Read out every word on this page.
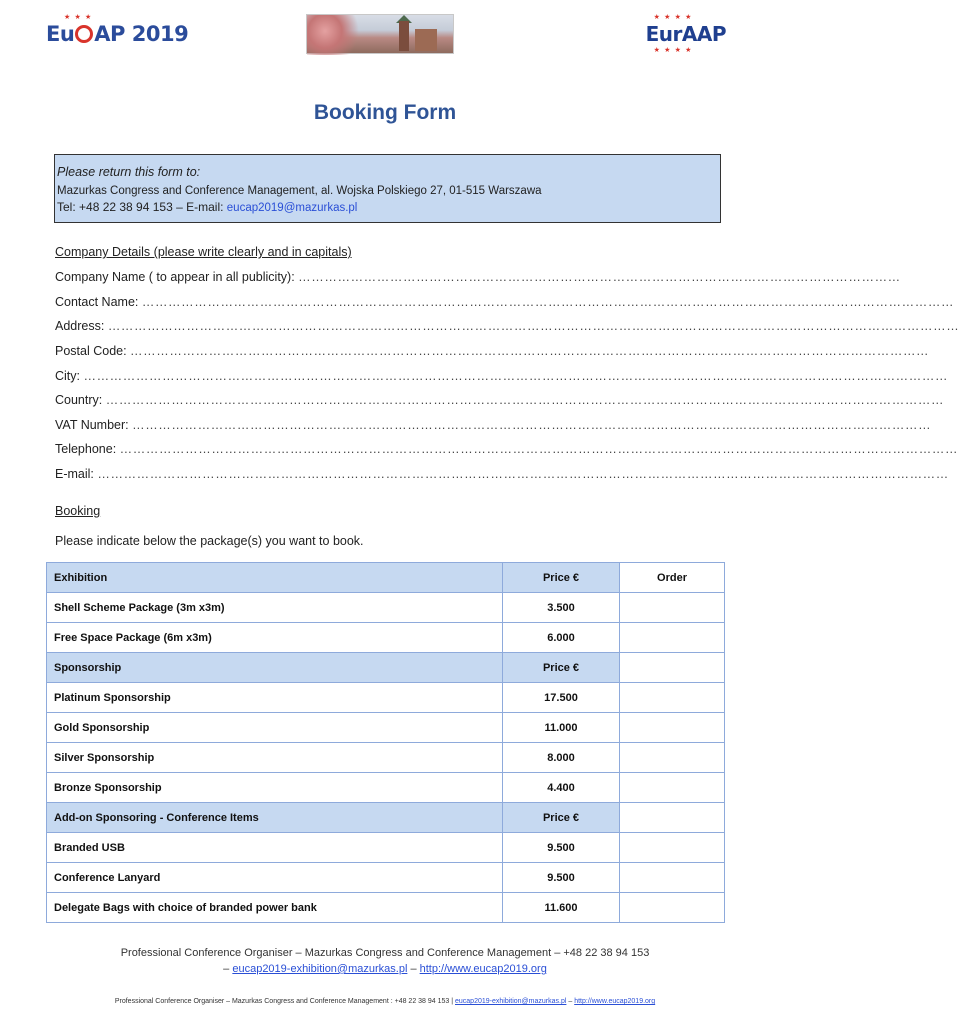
★ ★ ★
Eu AP 2019
★ ★ ★ ★
EurAAP
★ ★ ★ ★
Booking Form
Please return this form to:
Mazurkas Congress and Conference Management, al. Wojska Polskiego 27, 01-515 Warszawa
Tel: +48 22 38 94 153 – E-mail: eucap2019@mazurkas.pl
Company Details (please write clearly and in capitals)
Company Name ( to appear in all publicity): …………………………………………………………………………………………………………………………
Contact Name: ……………………………………………………………………………………………………………………………………………………………………
Address: ……………………………………………………………………………………………………………………………………………………………………………
Postal Code: …………………………………………………………………………………………………………………………………………………………………
City: ………………………………………………………………………………………………………………………………………………………………………………
Country: …………………………………………………………………………………………………………………………………………………………………………
VAT Number: …………………………………………………………………………………………………………………………………………………………………
Telephone: …………………………………………………………………………………………………………………………………………………………………………
E-mail: ……………………………………………………………………………………………………………………………………………………………………………
Booking
Please indicate below the package(s) you want to book.
Exhibition	Price €	Order
Shell Scheme Package (3m x3m)	3.500	
Free Space Package (6m x3m)	6.000	
Sponsorship	Price €	
Platinum Sponsorship	17.500	
Gold Sponsorship	11.000	
Silver Sponsorship	8.000	
Bronze Sponsorship	4.400	
Add-on Sponsoring - Conference Items	Price €	
Branded USB	9.500	
Conference Lanyard	9.500	
Delegate Bags with choice of branded power bank	11.600	
Professional Conference Organiser – Mazurkas Congress and Conference Management – +48 22 38 94 153
– eucap2019-exhibition@mazurkas.pl – http://www.eucap2019.org
Professional Conference Organiser – Mazurkas Congress and Conference Management : +48 22 38 94 153 | eucap2019-exhibition@mazurkas.pl – http://www.eucap2019.org
